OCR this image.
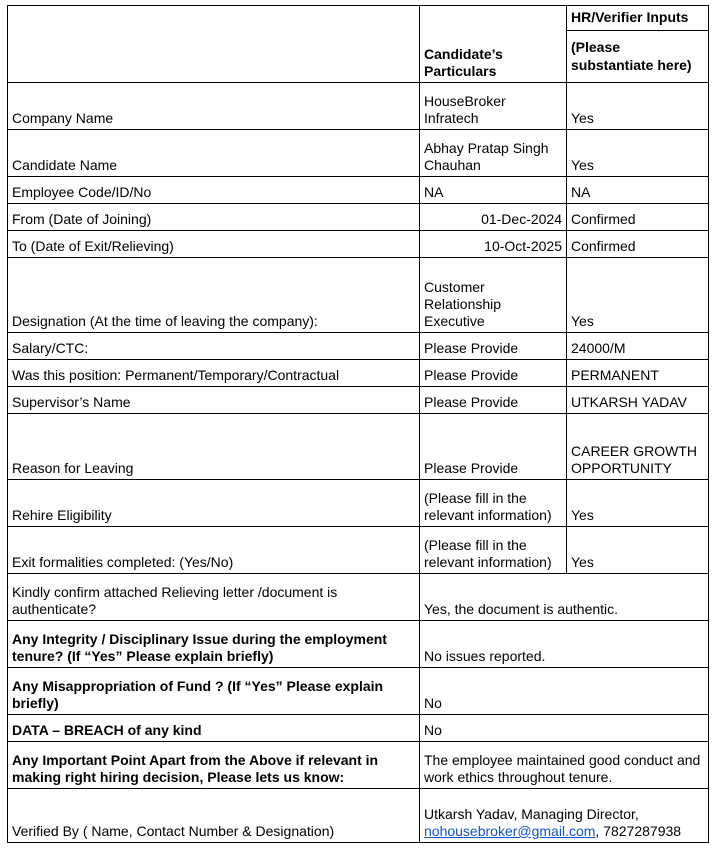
	Candidate’s Particulars	HR/Verifier Inputs
		(Please substantiate here)
Company Name	HouseBroker Infratech	Yes
Candidate Name	Abhay Pratap Singh Chauhan	Yes
Employee Code/ID/No	NA	NA
From (Date of Joining)	01-Dec-2024	Confirmed
To (Date of Exit/Relieving)	10-Oct-2025	Confirmed
Designation (At the time of leaving the company):	Customer Relationship Executive	Yes
Salary/CTC:	Please Provide	24000/M
Was this position: Permanent/Temporary/Contractual	Please Provide	PERMANENT
Supervisor’s Name	Please Provide	UTKARSH YADAV
Reason for Leaving	Please Provide	CAREER GROWTH OPPORTUNITY
Rehire Eligibility	(Please fill in the relevant information)	Yes
Exit formalities completed: (Yes/No)	(Please fill in the relevant information)	Yes
Kindly confirm attached Relieving letter /document is authenticate?	Yes, the document is authentic.	
Any Integrity / Disciplinary Issue during the employment tenure? (If “Yes” Please explain briefly)	No issues reported.	
Any Misappropriation of Fund ? (If “Yes” Please explain briefly)	No	
DATA – BREACH of any kind	No	
Any Important Point Apart from the Above if relevant in making right hiring decision, Please lets us know:	The employee maintained good conduct and work ethics throughout tenure.	
Verified By ( Name, Contact Number & Designation)	Utkarsh Yadav, Managing Director, nohousebroker@gmail.com, 7827287938	
